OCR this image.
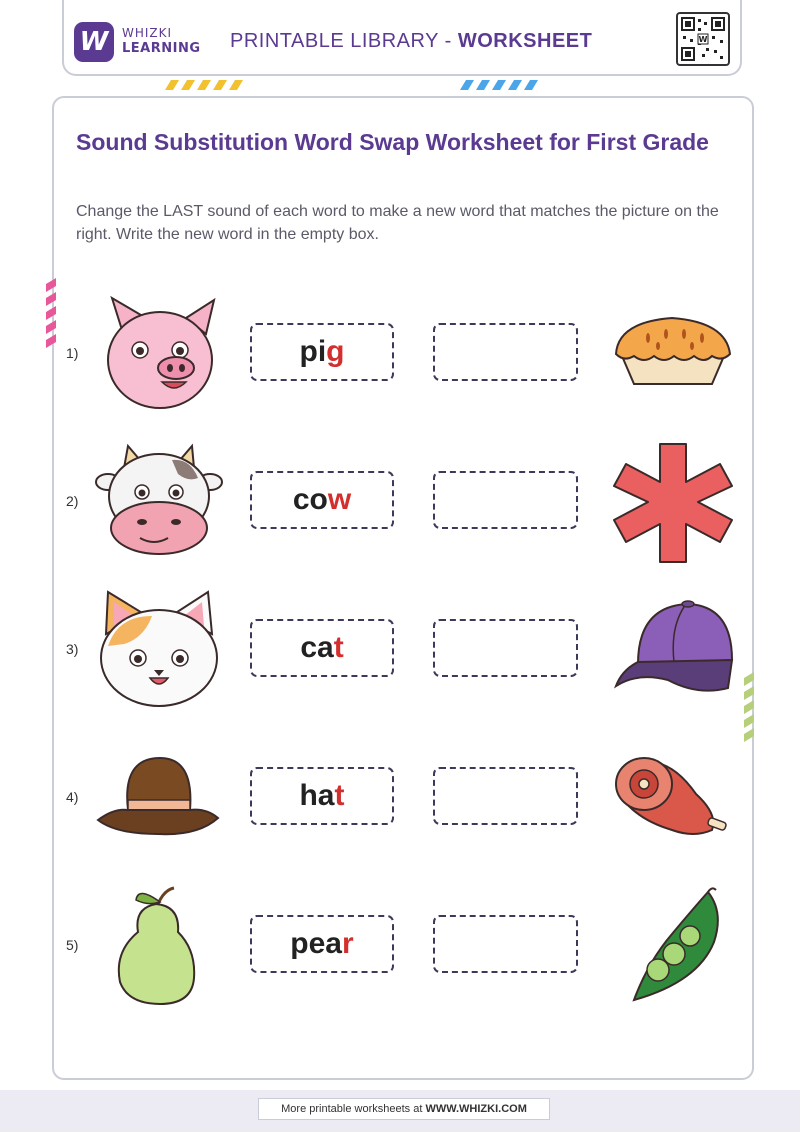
W	WHIZKI
LEARNING PRINTABLE LIBRARY - WORKSHEET	W
Sound Substitution Word Swap Worksheet for First Grade
Change the LAST sound of each word to make a new word that matches the picture on the right. Write the new word in the empty box.
1)	pig
2)	cow
3)	cat
4)	hat
5)	pear
More printable worksheets at WWW.WHIZKI.COM
